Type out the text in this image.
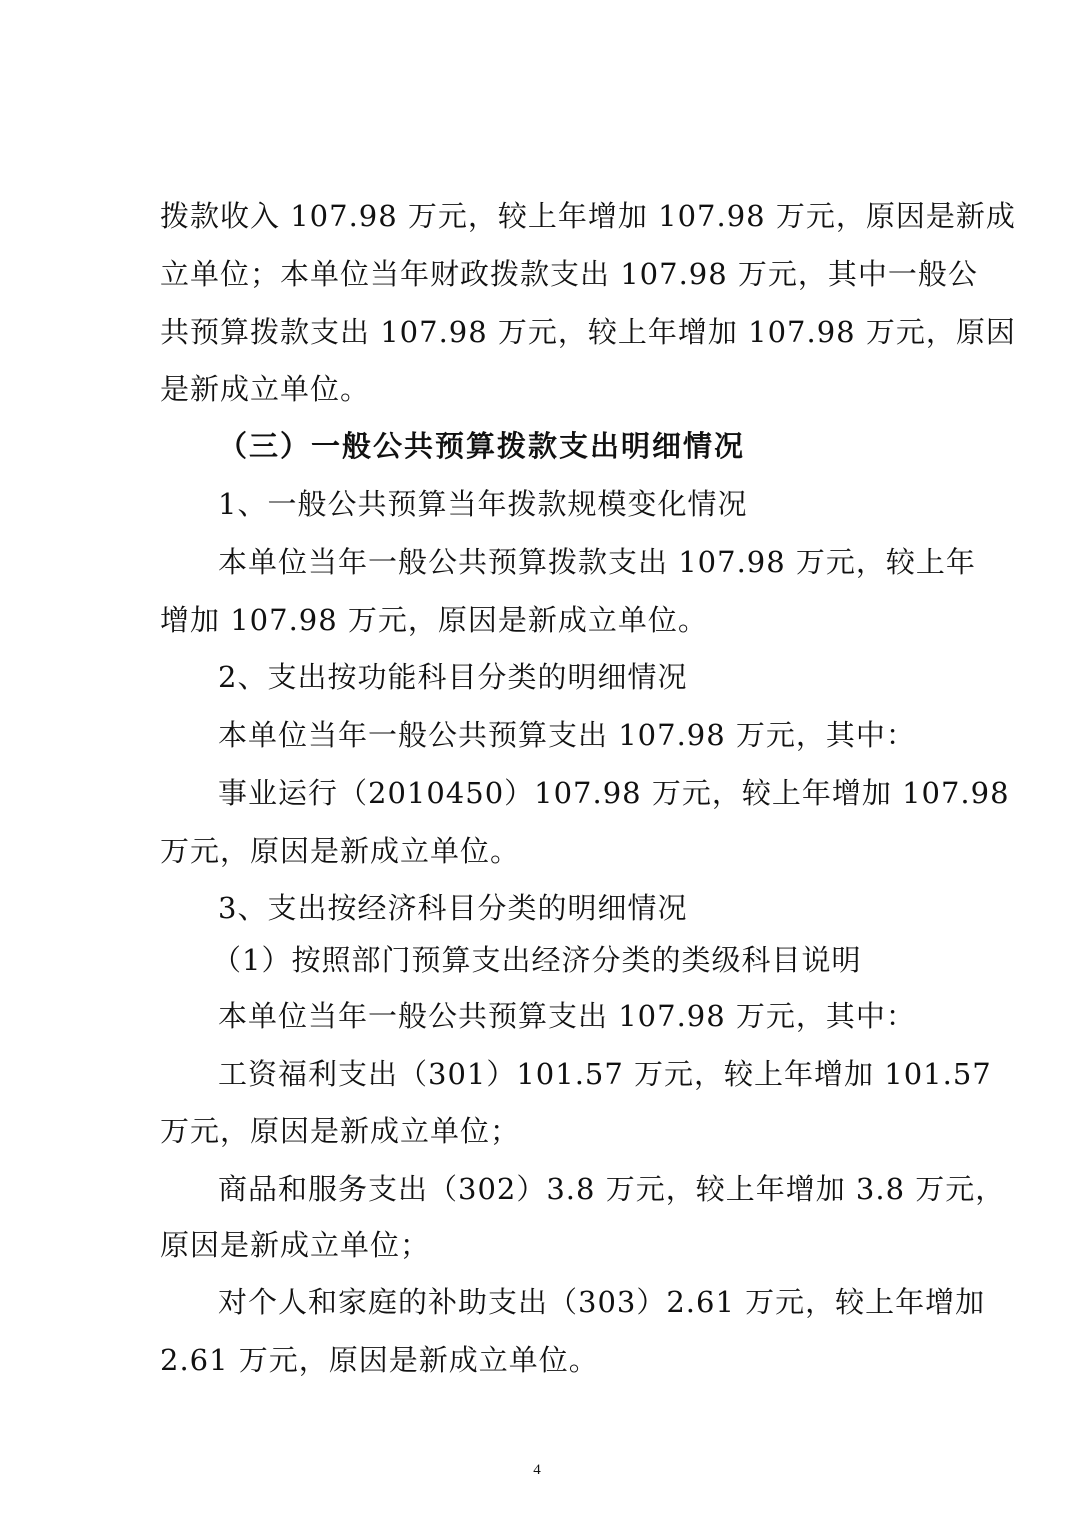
拨款收入 107.98 万元，较上年增加 107.98 万元，原因是新成
立单位；本单位当年财政拨款支出 107.98 万元，其中一般公
共预算拨款支出 107.98 万元，较上年增加 107.98 万元，原因
是新成立单位。
（三）一般公共预算拨款支出明细情况
1、一般公共预算当年拨款规模变化情况
本单位当年一般公共预算拨款支出 107.98 万元，较上年
增加 107.98 万元，原因是新成立单位。
2、支出按功能科目分类的明细情况
本单位当年一般公共预算支出 107.98 万元，其中：
事业运行（2010450）107.98 万元，较上年增加 107.98
万元，原因是新成立单位。
3、支出按经济科目分类的明细情况
（1）按照部门预算支出经济分类的类级科目说明
本单位当年一般公共预算支出 107.98 万元，其中：
工资福利支出（301）101.57 万元，较上年增加 101.57
万元，原因是新成立单位；
商品和服务支出（302）3.8 万元，较上年增加 3.8 万元，
原因是新成立单位；
对个人和家庭的补助支出（303）2.61 万元，较上年增加
2.61 万元，原因是新成立单位。
4
